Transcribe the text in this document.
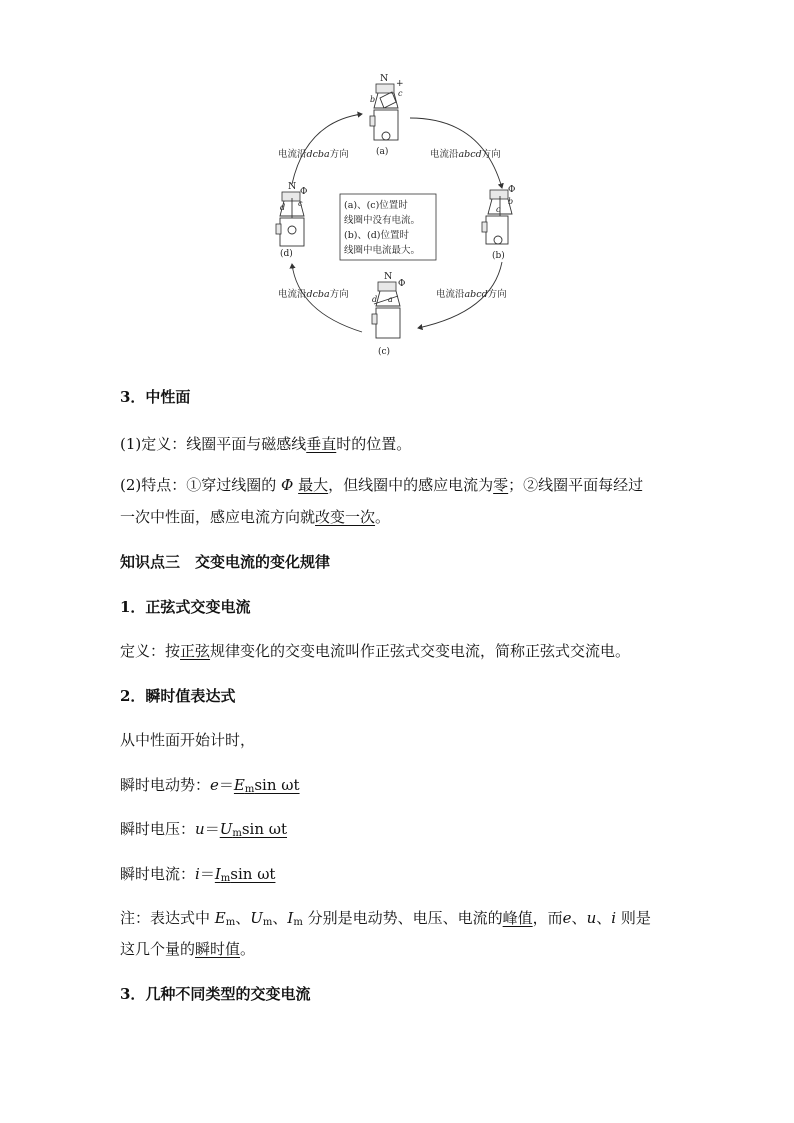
电流沿dcba方向	电流沿abcd方向
电流沿dcba方向	电流沿abcd方向
(a)、(c)位置时
线圈中没有电流。
(b)、(d)位置时
线圈中电流最大。
N
b
c
+
(a)
b
c
Φ
(b)
N
d a
Φ
(c)
N
d c
Φ
(d)
3．中性面
(1)定义：线圈平面与磁感线垂直时的位置。
(2)特点：①穿过线圈的 Φ 最大，但线圈中的感应电流为零；②线圈平面每经过
一次中性面，感应电流方向就改变一次。
知识点三　交变电流的变化规律
1．正弦式交变电流
定义：按正弦规律变化的交变电流叫作正弦式交变电流，简称正弦式交流电。
2．瞬时值表达式
从中性面开始计时，
瞬时电动势：$e=E_m\sin$ ωt
瞬时电压：$u=U_m\sin$ ωt
瞬时电流：$i=I_m\sin$ ωt
注：表达式中 $E_m$、$U_m$、$I_m$ 分别是电动势、电压、电流的峰值，而e、u、i 则是
这几个量的瞬时值。
3．几种不同类型的交变电流
